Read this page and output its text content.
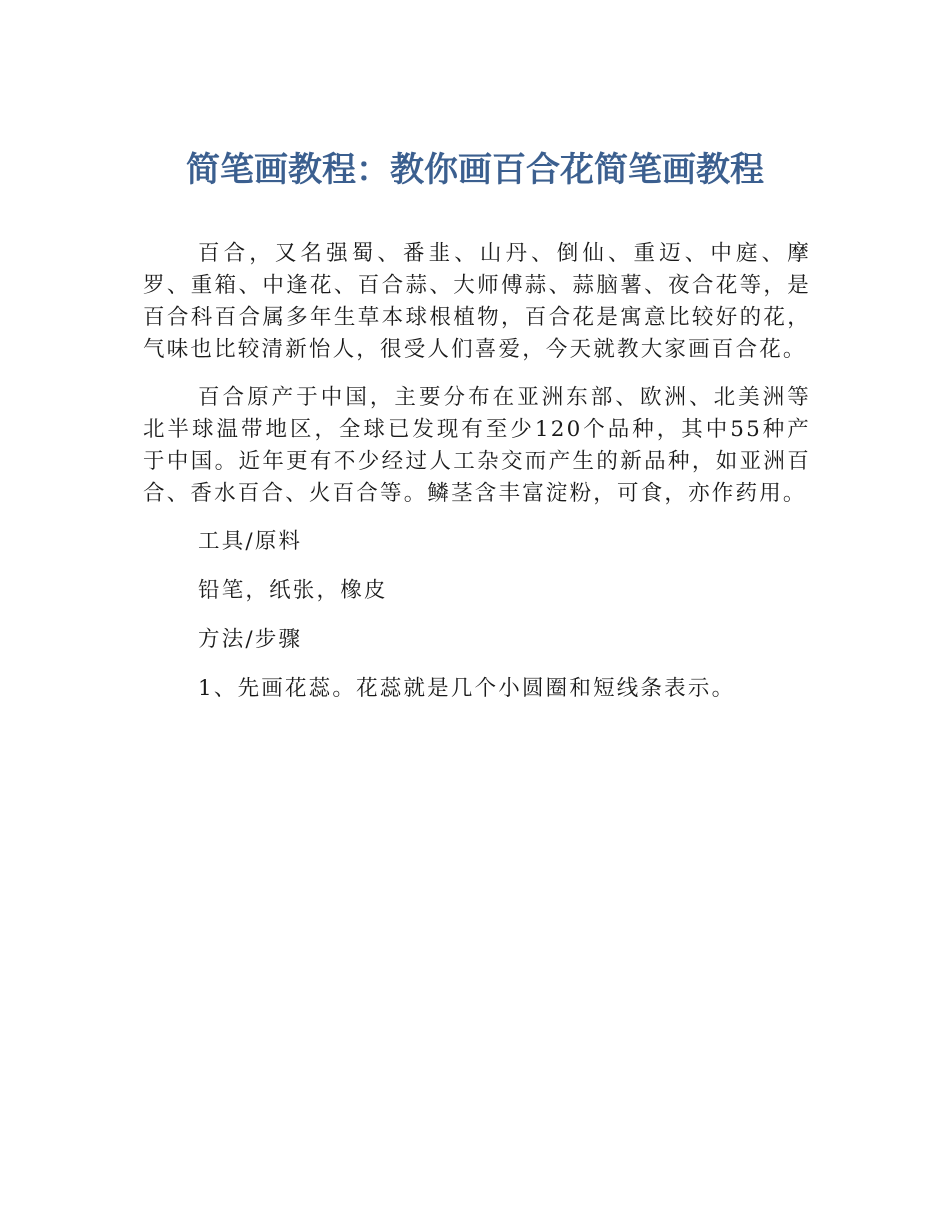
简笔画教程：教你画百合花简笔画教程

百合，又名强蜀、番韭、山丹、倒仙、重迈、中庭、摩罗、重箱、中逢花、百合蒜、大师傅蒜、蒜脑薯、夜合花等，是百合科百合属多年生草本球根植物，百合花是寓意比较好的花，气味也比较清新怡人，很受人们喜爱，今天就教大家画百合花。

百合原产于中国，主要分布在亚洲东部、欧洲、北美洲等北半球温带地区，全球已发现有至少120个品种，其中55种产于中国。近年更有不少经过人工杂交而产生的新品种，如亚洲百合、香水百合、火百合等。鳞茎含丰富淀粉，可食，亦作药用。

工具/原料

铅笔，纸张，橡皮

方法/步骤

1、先画花蕊。花蕊就是几个小圆圈和短线条表示。
